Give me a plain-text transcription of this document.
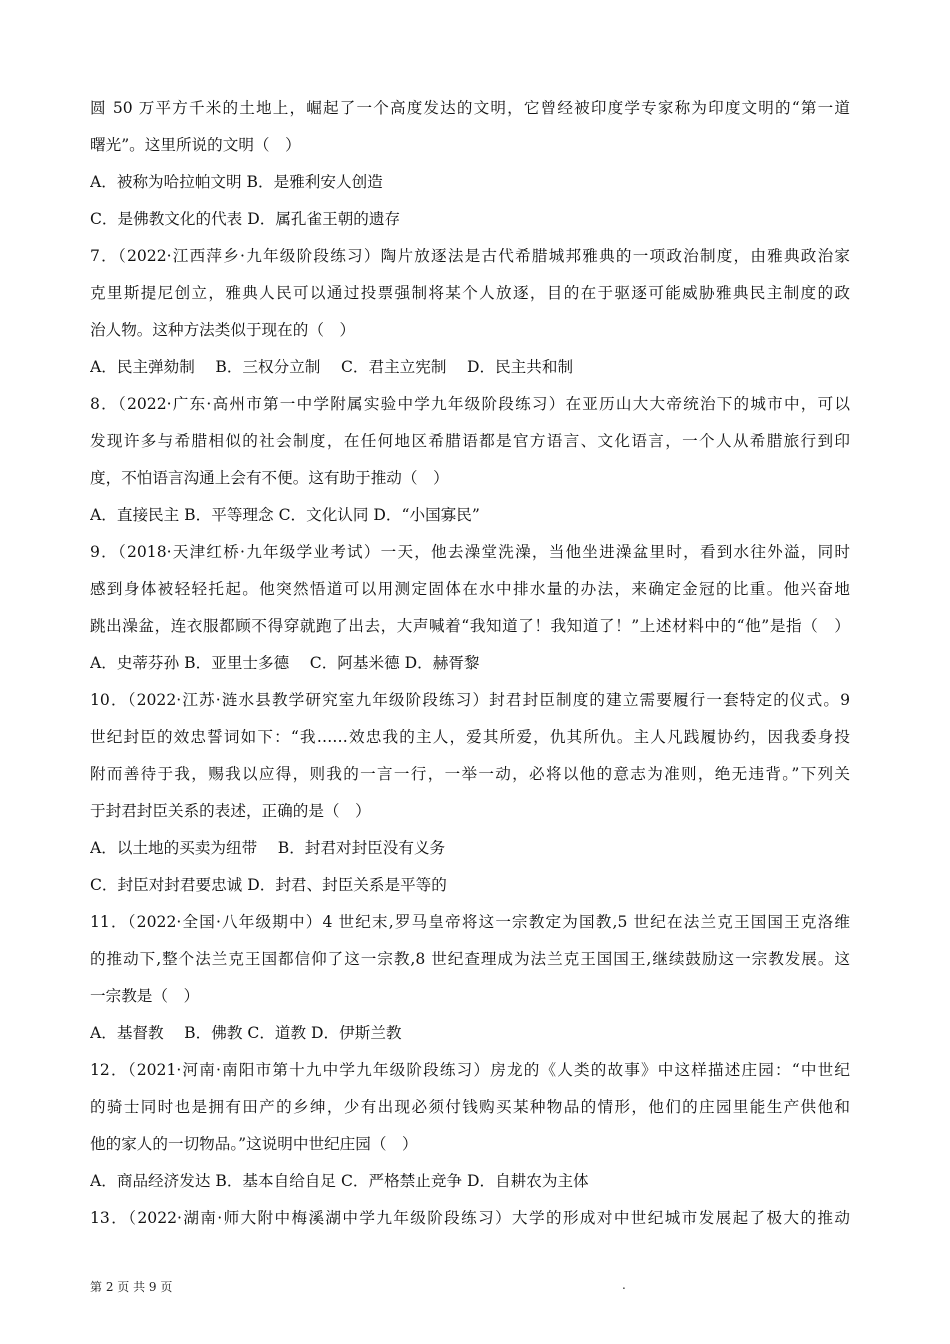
圆 50 万平方千米的土地上，崛起了一个高度发达的文明，它曾经被印度学专家称为印度文明的“第一道
曙光”。这里所说的文明（　）
A．被称为哈拉帕文明 B．是雅利安人创造
C．是佛教文化的代表 D．属孔雀王朝的遗存
7．（2022·江西萍乡·九年级阶段练习）陶片放逐法是古代希腊城邦雅典的一项政治制度，由雅典政治家
克里斯提尼创立，雅典人民可以通过投票强制将某个人放逐，目的在于驱逐可能威胁雅典民主制度的政
治人物。这种方法类似于现在的（　）
A．民主弹劾制　 B．三权分立制　 C．君主立宪制　 D．民主共和制
8．（2022·广东·高州市第一中学附属实验中学九年级阶段练习）在亚历山大大帝统治下的城市中，可以
发现许多与希腊相似的社会制度，在任何地区希腊语都是官方语言、文化语言，一个人从希腊旅行到印
度，不怕语言沟通上会有不便。这有助于推动（　）
A．直接民主 B．平等理念 C．文化认同 D．“小国寡民”
9．（2018·天津红桥·九年级学业考试）一天，他去澡堂洗澡，当他坐进澡盆里时，看到水往外溢，同时
感到身体被轻轻托起。他突然悟道可以用测定固体在水中排水量的办法，来确定金冠的比重。他兴奋地
跳出澡盆，连衣服都顾不得穿就跑了出去，大声喊着“我知道了！我知道了！”上述材料中的“他”是指（　）
A．史蒂芬孙 B．亚里士多德　 C．阿基米德 D．赫胥黎
10．（2022·江苏·涟水县教学研究室九年级阶段练习）封君封臣制度的建立需要履行一套特定的仪式。9
世纪封臣的效忠誓词如下：“我……效忠我的主人，爱其所爱，仇其所仇。主人凡践履协约，因我委身投
附而善待于我，赐我以应得，则我的一言一行，一举一动，必将以他的意志为准则，绝无违背。”下列关
于封君封臣关系的表述，正确的是（　）
A．以土地的买卖为纽带　 B．封君对封臣没有义务
C．封臣对封君要忠诚 D．封君、封臣关系是平等的
11．（2022·全国·八年级期中）4 世纪末,罗马皇帝将这一宗教定为国教,5 世纪在法兰克王国国王克洛维
的推动下,整个法兰克王国都信仰了这一宗教,8 世纪查理成为法兰克王国国王,继续鼓励这一宗教发展。这
一宗教是（　）
A．基督教　 B．佛教 C．道教 D．伊斯兰教
12．（2021·河南·南阳市第十九中学九年级阶段练习）房龙的《人类的故事》中这样描述庄园：“中世纪
的骑士同时也是拥有田产的乡绅，少有出现必须付钱购买某种物品的情形，他们的庄园里能生产供他和
他的家人的一切物品。”这说明中世纪庄园（　）
A．商品经济发达 B．基本自给自足 C．严格禁止竞争 D．自耕农为主体
13．（2022·湖南·师大附中梅溪湖中学九年级阶段练习）大学的形成对中世纪城市发展起了极大的推动
第 2 页 共 9 页	.
